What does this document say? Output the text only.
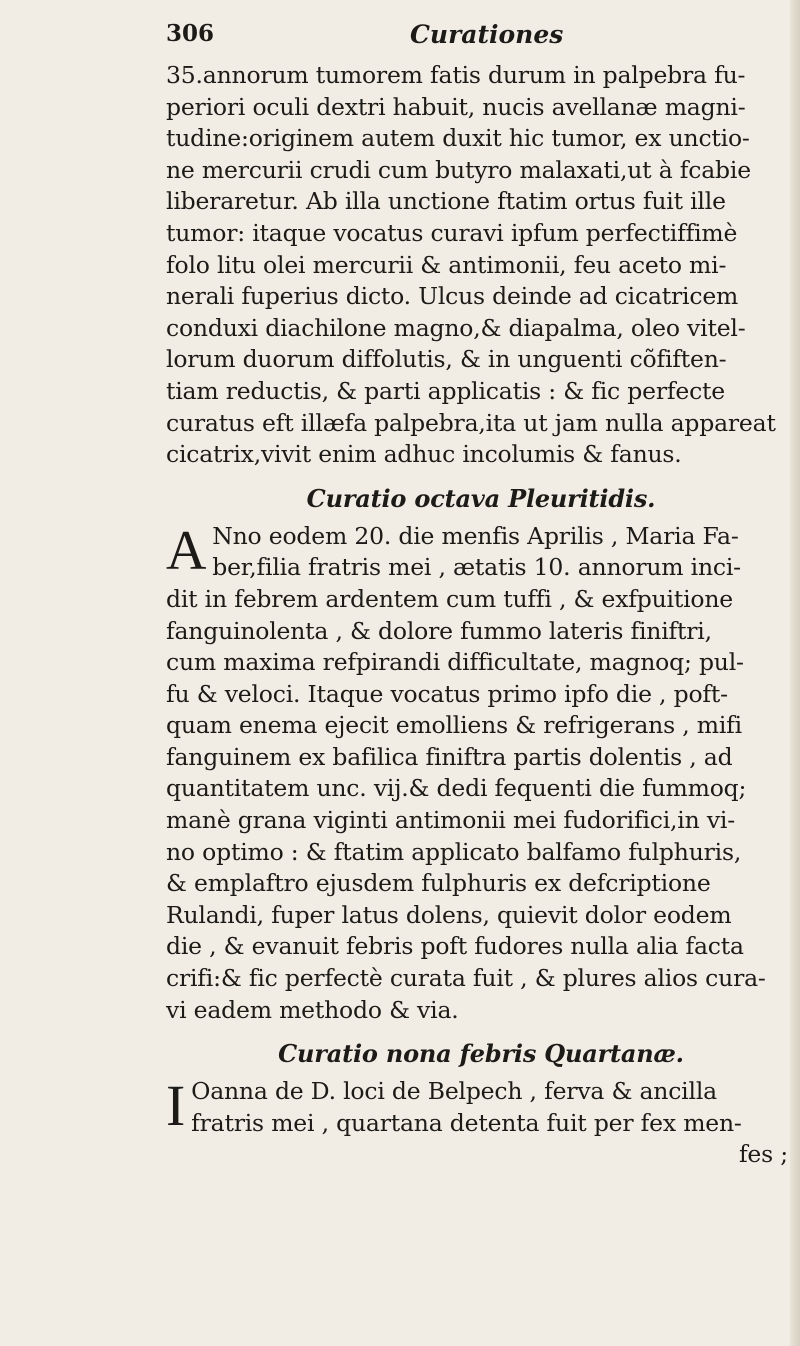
306	Curationes
35.annorum tumorem fatis durum in palpebra fu-
periori oculi dextri habuit, nucis avellanæ magni-
tudine:originem autem duxit hic tumor, ex unctio-
ne mercurii crudi cum butyro malaxati,ut à fcabie
liberaretur. Ab illa unctione ftatim ortus fuit ille
tumor: itaque vocatus curavi ipfum perfectiffimè
folo litu olei mercurii & antimonii, feu aceto mi-
nerali fuperius dicto. Ulcus deinde ad cicatricem
conduxi diachilone magno,& diapalma, oleo vitel-
lorum duorum diffolutis, & in unguenti cõfiften-
tiam reductis, & parti applicatis : & fic perfecte
curatus eft illæfa palpebra,ita ut jam nulla appareat
cicatrix,vivit enim adhuc incolumis & fanus.
Curatio octava Pleuritidis.
A Nno eodem 20. die menfis Aprilis , Maria Fa-
ber,filia fratris mei , ætatis 10. annorum inci-
dit in febrem ardentem cum tuffi , & exfpuitione
fanguinolenta , & dolore fummo lateris finiftri,
cum maxima refpirandi difficultate, magnoq; pul-
fu & veloci. Itaque vocatus primo ipfo die , poft-
quam enema ejecit emolliens & refrigerans , mifi
fanguinem ex bafilica finiftra partis dolentis , ad
quantitatem unc. vij.& dedi fequenti die fummoq;
manè grana viginti antimonii mei fudorifici,in vi-
no optimo : & ftatim applicato balfamo fulphuris,
& emplaftro ejusdem fulphuris ex defcriptione
Rulandi, fuper latus dolens, quievit dolor eodem
die , & evanuit febris poft fudores nulla alia facta
crifi:& fic perfectè curata fuit , & plures alios cura-
vi eadem methodo & via.
Curatio nona febris Quartanæ.
I Oanna de D. loci de Belpech , ferva & ancilla
fratris mei , quartana detenta fuit per fex men-
fes ;
